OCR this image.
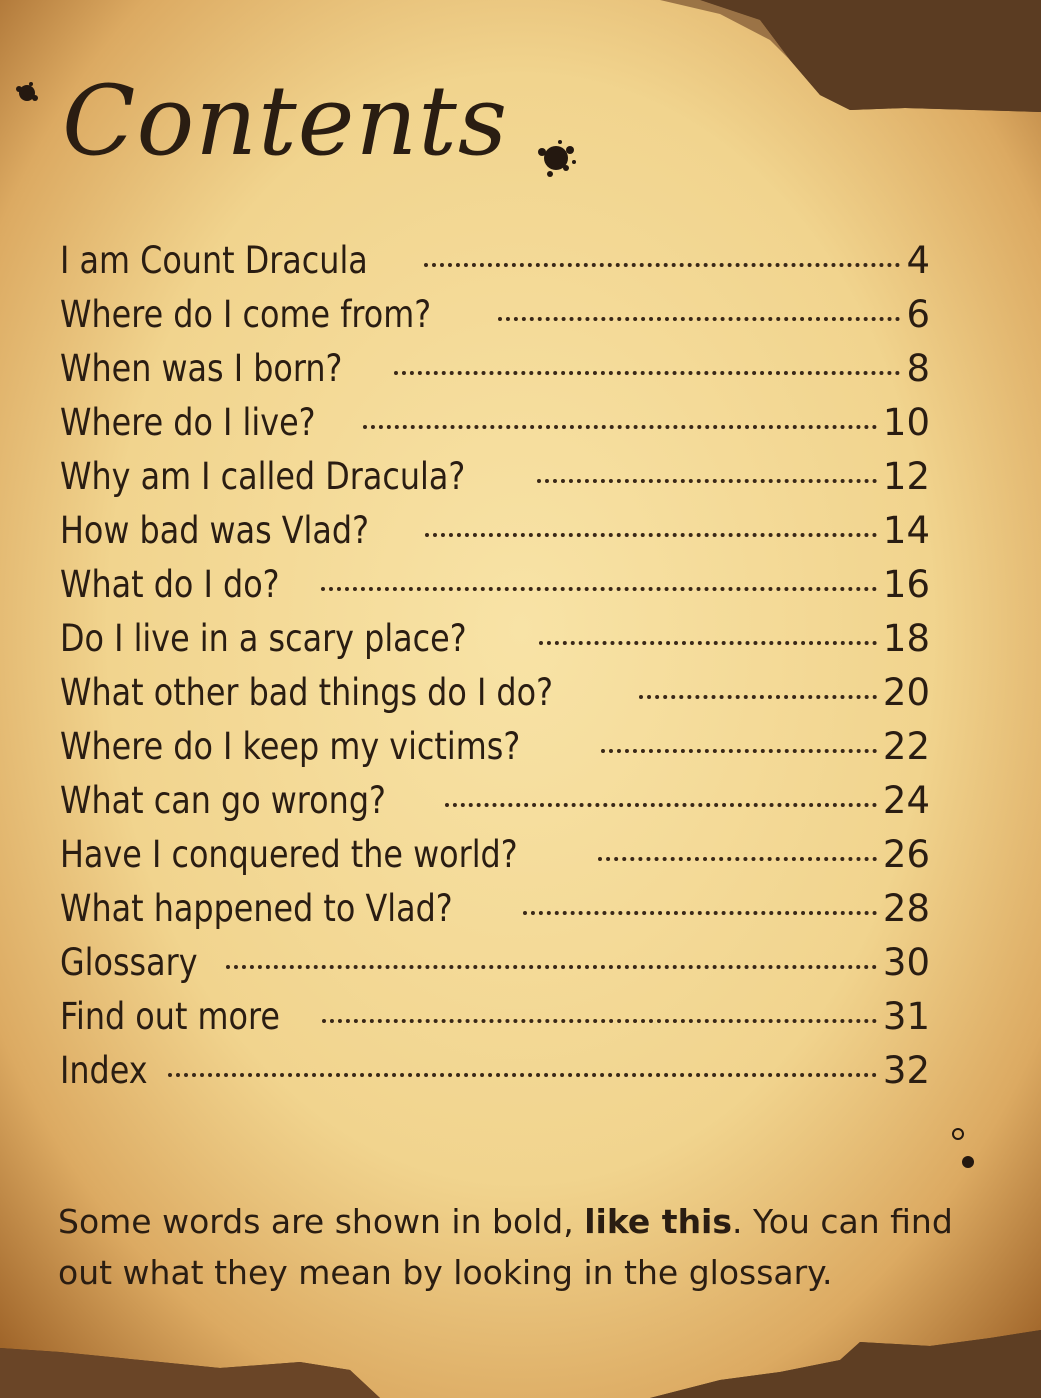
Contents
I am Count Dracula	4
Where do I come from?	6
When was I born?	8
Where do I live?	10
Why am I called Dracula?	12
How bad was Vlad?	14
What do I do?	16
Do I live in a scary place?	18
What other bad things do I do?	20
Where do I keep my victims?	22
What can go wrong?	24
Have I conquered the world?	26
What happened to Vlad?	28
Glossary	30
Find out more	31
Index	32

Some words are shown in bold, like this. You can find out what they mean by looking in the glossary.
